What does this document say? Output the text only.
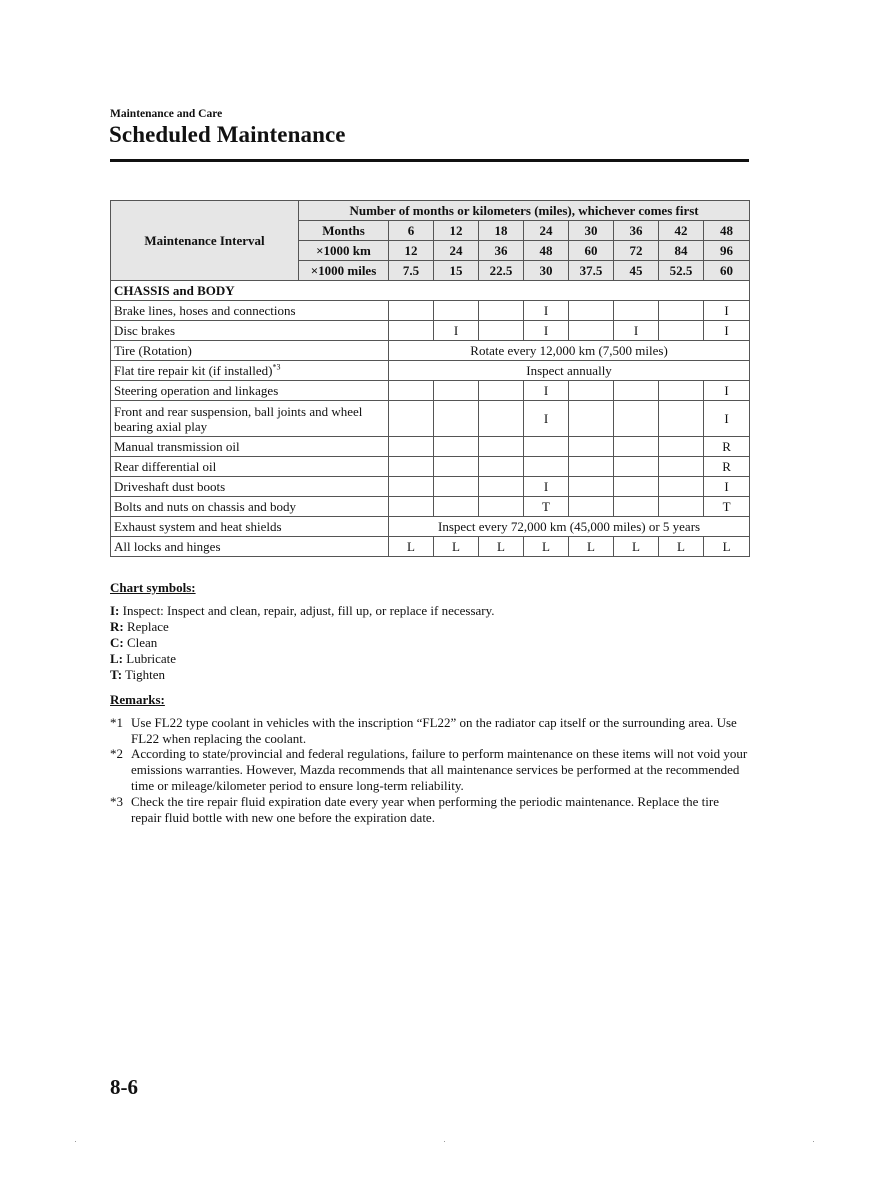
Maintenance and Care
Scheduled Maintenance
Maintenance Interval	Number of months or kilometers (miles), whichever comes first								
	Months	6	12	18	24	30	36	42	48
	×1000 km	12	24	36	48	60	72	84	96
	×1000 miles	7.5	15	22.5	30	37.5	45	52.5	60
CHASSIS and BODY									
Brake lines, hoses and connections					I				I
Disc brakes			I		I		I		I
Tire (Rotation)		Rotate every 12,000 km (7,500 miles)							
Flat tire repair kit (if installed)$^{*3}$		Inspect annually							
Steering operation and linkages					I				I
Front and rear suspension, ball joints and wheel bearing axial play					I				I
Manual transmission oil									R
Rear differential oil									R
Driveshaft dust boots					I				I
Bolts and nuts on chassis and body					T				T
Exhaust system and heat shields		Inspect every 72,000 km (45,000 miles) or 5 years							
All locks and hinges		L	L	L	L	L	L	L	L
Chart symbols:
I: Inspect: Inspect and clean, repair, adjust, fill up, or replace if necessary.
R: Replace
C: Clean
L: Lubricate
T: Tighten
Remarks:
*1 Use FL22 type coolant in vehicles with the inscription “FL22” on the radiator cap itself or the surrounding area. Use FL22 when replacing the coolant.
*2 According to state/provincial and federal regulations, failure to perform maintenance on these items will not void your emissions warranties. However, Mazda recommends that all maintenance services be performed at the recommended time or mileage/kilometer period to ensure long-term reliability.
*3 Check the tire repair fluid expiration date every year when performing the periodic maintenance. Replace the tire repair fluid bottle with new one before the expiration date.
8-6
